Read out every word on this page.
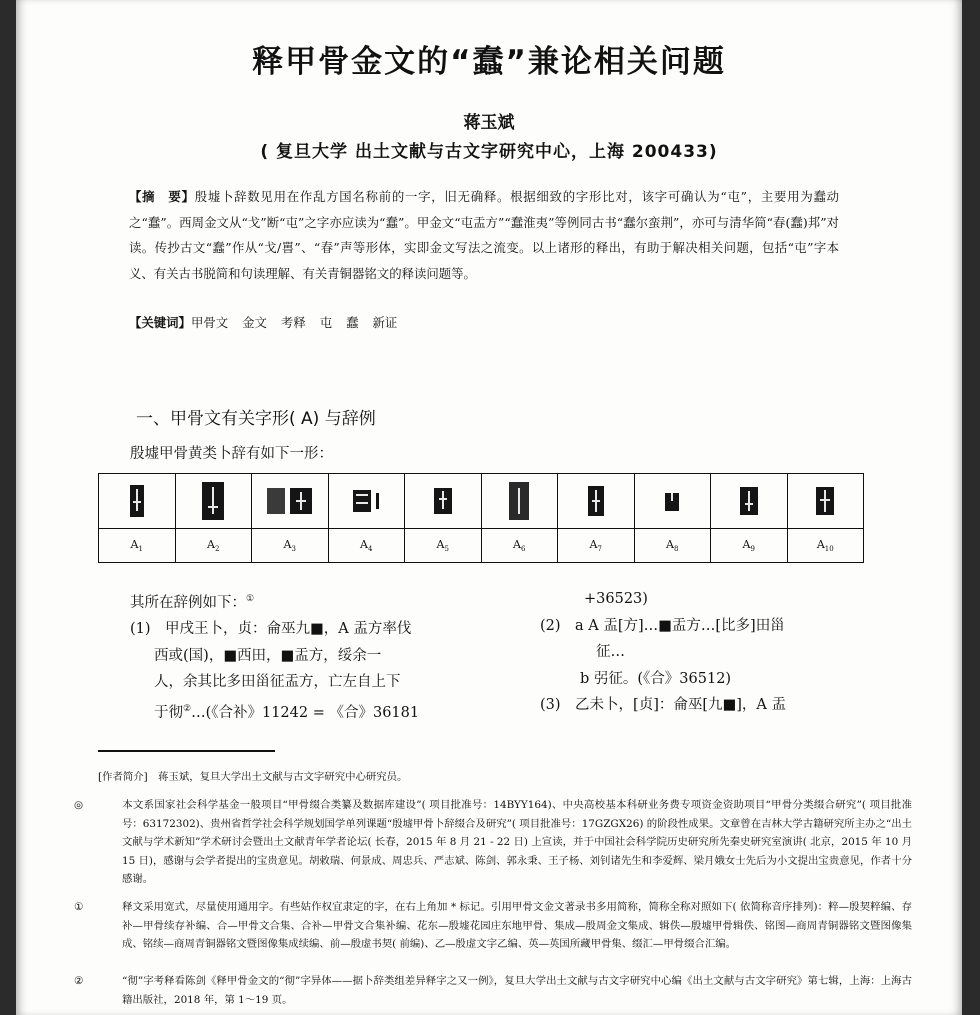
释甲骨金文的“蠢”兼论相关问题
蒋玉斌
( 复旦大学 出土文献与古文字研究中心，上海 200433)
【摘　要】殷墟卜辞数见用在作乱方国名称前的一字，旧无确释。根据细致的字形比对，该字可确认为“屯”，主要用为蠢动之“蠢”。西周金文从“戈”断“屯”之字亦应读为“蠢”。甲金文“屯盂方”“蠢淮夷”等例同古书“蠢尔蛮荆”，亦可与清华简“春(蠢)邦”对读。传抄古文“蠢”作从“戈/嘼”、“春”声等形体，实即金文写法之流变。以上诸形的释出，有助于解决相关问题，包括“屯”字本义、有关古书脱简和句读理解、有关青铜器铭文的释读问题等。
【关键词】甲骨文 金文 考释 屯 蠢 新证
一、甲骨文有关字形( A) 与辞例
殷墟甲骨黄类卜辞有如下一形：

$A_1$	$A_2$	$A_3$	$A_4$	$A_5$	$A_6$	$A_7$	$A_8$	$A_9$	$A_{10}$
其所在辞例如下：①
(1)　甲戌王卜，贞：侖巫九■，A 盂方率伐
西或(国)，■西田，■盂方，绥余一
人，余其比多田甾征盂方，亡左自上下
于彻②…(《合补》11242 = 《合》36181
+36523)
(2)　a A 盂[方]…■盂方…[比多]田甾
征…
b 弜征。(《合》36512)
(3)　乙未卜，[贞]：侖巫[九■]，A 盂
[作者简介]　蒋玉斌，复旦大学出土文献与古文字研究中心研究员。
◎	本文系国家社会科学基金一般项目“甲骨缀合类纂及数据库建设”( 项目批准号：14BYY164)、中央高校基本科研业务费专项资金资助项目“甲骨分类缀合研究”( 项目批准号：63172302)、贵州省哲学社会科学规划国学单列课题“殷墟甲骨卜辞缀合及研究”( 项目批准号：17GZGX26) 的阶段性成果。文章曾在吉林大学古籍研究所主办之“出土文献与学术新知”学术研讨会暨出土文献青年学者论坛( 长春，2015 年 8 月 21 - 22 日) 上宣读，并于中国社会科学院历史研究所先秦史研究室演讲( 北京，2015 年 10 月 15 日)，感谢与会学者提出的宝贵意见。胡敕瑞、何景成、周忠兵、严志斌、陈剑、郭永秉、王子杨、刘钊诸先生和李爱辉、梁月娥女士先后为小文提出宝贵意见，作者十分感谢。
①	释文采用宽式，尽量使用通用字。有些姑作权宜隶定的字，在右上角加 * 标记。引用甲骨文金文著录书多用简称，简称全称对照如下( 依简称音序排列)：粹—殷契粹编、存补—甲骨续存补编、合—甲骨文合集、合补—甲骨文合集补编、花东—殷墟花园庄东地甲骨、集成—殷周金文集成、辑佚—殷墟甲骨辑佚、铭图—商周青铜器铭文暨图像集成、铭续—商周青铜器铭文暨图像集成续编、前—殷虚书契( 前编)、乙—殷虚文字乙编、英—英国所藏甲骨集、缀汇—甲骨缀合汇编。
②	“彻”字考释看陈剑《释甲骨金文的“彻”字异体——据卜辞类组差异释字之又一例》，复旦大学出土文献与古文字研究中心编《出土文献与古文字研究》第七辑，上海：上海古籍出版社，2018 年，第 1～19 页。
